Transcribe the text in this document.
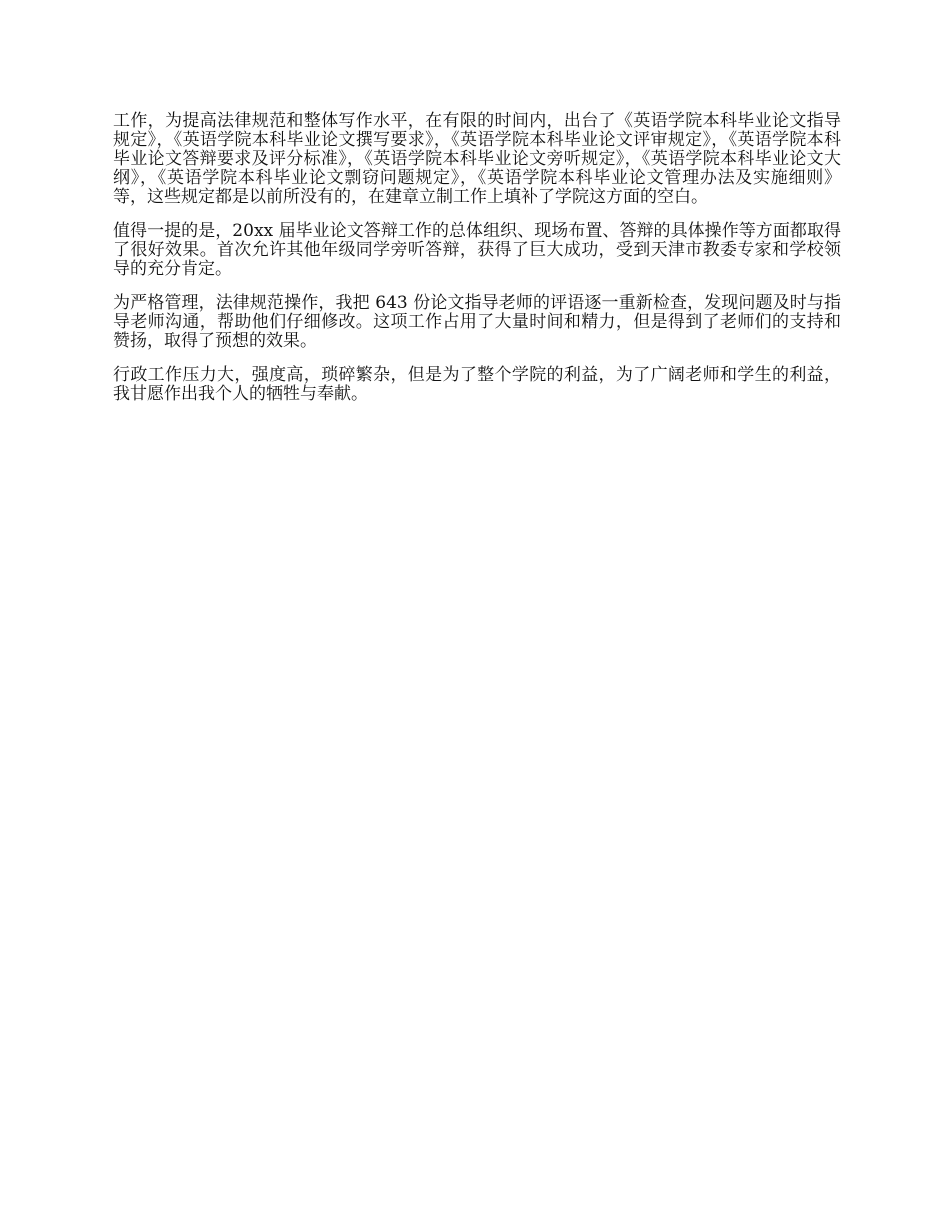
工作，为提高法律规范和整体写作水平，在有限的时间内，出台了《英语学院本科毕业论文指导规定》，《英语学院本科毕业论文撰写要求》，《英语学院本科毕业论文评审规定》，《英语学院本科毕业论文答辩要求及评分标准》，《英语学院本科毕业论文旁听规定》，《英语学院本科毕业论文大纲》，《英语学院本科毕业论文剽窃问题规定》，《英语学院本科毕业论文管理办法及实施细则》等，这些规定都是以前所没有的，在建章立制工作上填补了学院这方面的空白。

值得一提的是，20xx 届毕业论文答辩工作的总体组织、现场布置、答辩的具体操作等方面都取得了很好效果。首次允许其他年级同学旁听答辩，获得了巨大成功，受到天津市教委专家和学校领导的充分肯定。

为严格管理，法律规范操作，我把 643 份论文指导老师的评语逐一重新检查，发现问题及时与指导老师沟通，帮助他们仔细修改。这项工作占用了大量时间和精力，但是得到了老师们的支持和赞扬，取得了预想的效果。

行政工作压力大，强度高，琐碎繁杂，但是为了整个学院的利益，为了广阔老师和学生的利益，我甘愿作出我个人的牺牲与奉献。
